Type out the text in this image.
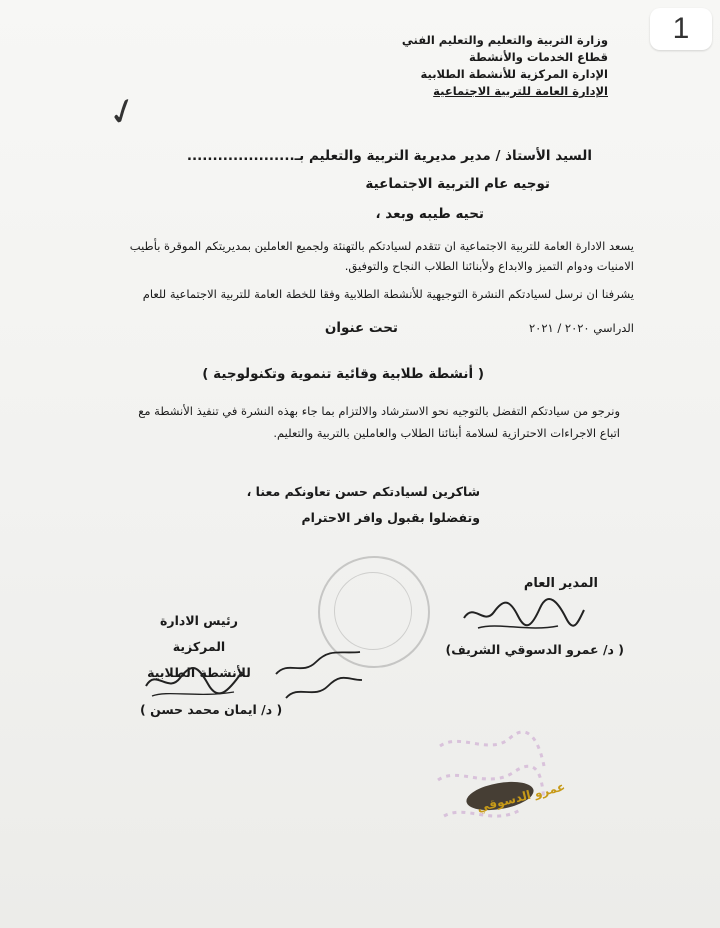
1
وزارة التربية والتعليم والتعليم الفني
قطاع الخدمات والأنشطة
الإدارة المركزية للأنشطة الطلابية
الإدارة العامة للتربية الاجتماعية
✓
السيد الأستاذ / مدير مديرية التربية والتعليم بـ.....................
توجيه عام التربية الاجتماعية
تحيه طيبه وبعد ،
يسعد الادارة العامة للتربية الاجتماعية ان تتقدم لسيادتكم بالتهنئة ولجميع العاملين بمديريتكم الموقرة بأطيب
الامنيات ودوام التميز والابداع ولأبنائنا الطلاب النجاح والتوفيق.
يشرفنا ان نرسل لسيادتكم النشرة التوجيهية للأنشطة الطلابية وفقا للخطة العامة للتربية الاجتماعية للعام
الدراسي ٢٠٢٠ / ٢٠٢١
تحت عنوان
( أنشطة طلابية وقائية تنموية وتكنولوجية )
ونرجو من سيادتكم التفضل بالتوجيه نحو الاسترشاد والالتزام بما جاء بهذه النشرة في تنفيذ الأنشطة مع
اتباع الاجراءات الاحترازية لسلامة أبنائنا الطلاب والعاملين بالتربية والتعليم.
شاكرين لسيادتكم حسن تعاونكم معنا ،
وتفضلوا بقبول وافر الاحترام
المدير العام
( د/ عمرو الدسوقي الشريف)
رئيس الادارة المركزية
للأنشطة الطلابية
( د/ ايمان محمد حسن )
عمرو الدسوقي
